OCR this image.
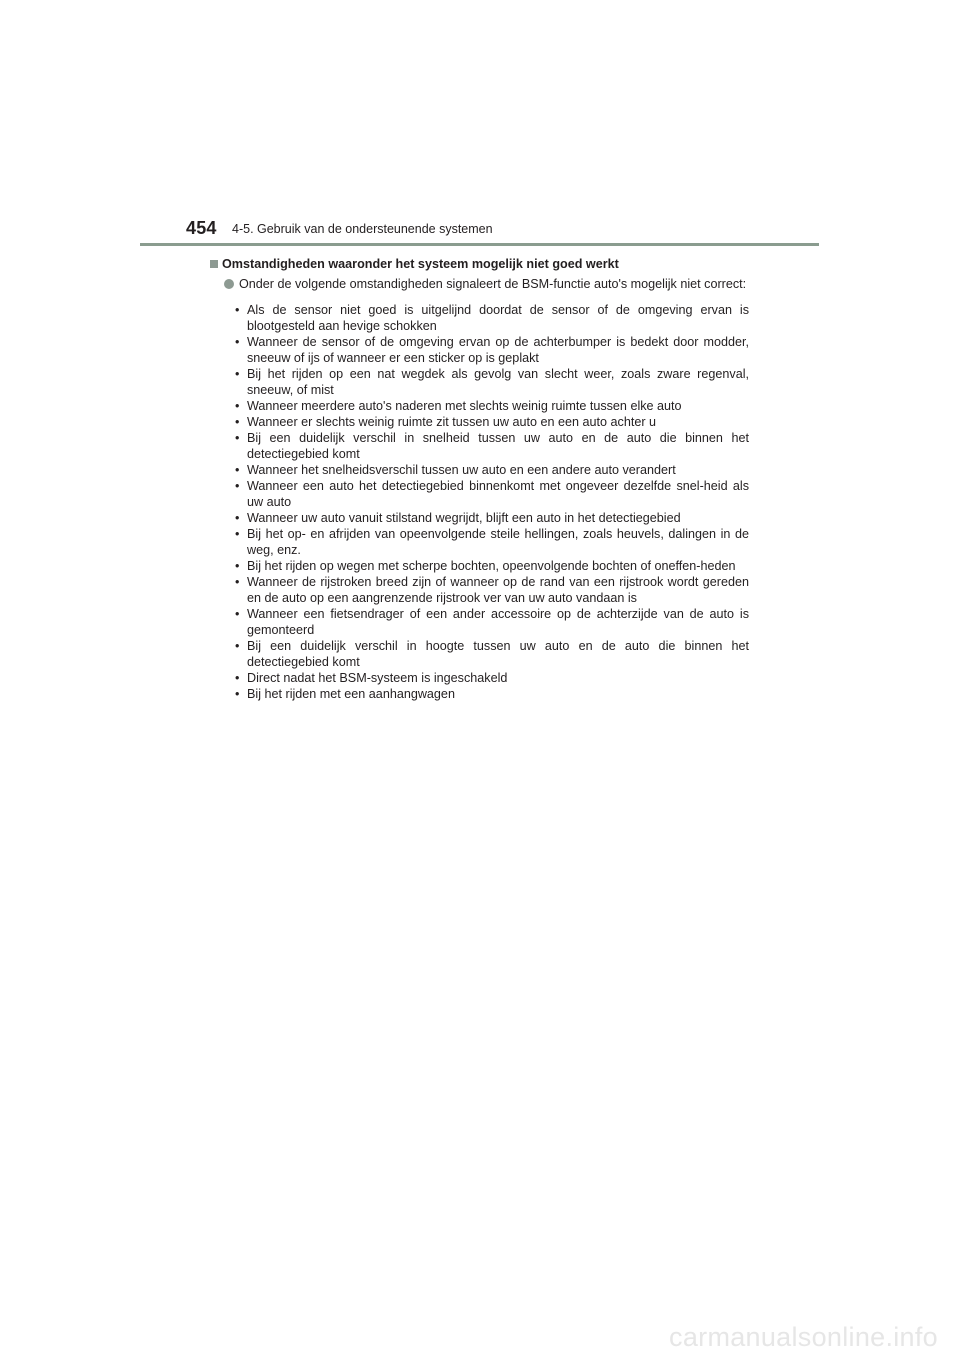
454 4-5. Gebruik van de ondersteunende systemen
Omstandigheden waaronder het systeem mogelijk niet goed werkt
Onder de volgende omstandigheden signaleert de BSM-functie auto's mogelijk niet correct:
• Als de sensor niet goed is uitgelijnd doordat de sensor of de omgeving ervan is blootgesteld aan hevige schokken
• Wanneer de sensor of de omgeving ervan op de achterbumper is bedekt door modder, sneeuw of ijs of wanneer er een sticker op is geplakt
• Bij het rijden op een nat wegdek als gevolg van slecht weer, zoals zware regenval, sneeuw, of mist
• Wanneer meerdere auto's naderen met slechts weinig ruimte tussen elke auto
• Wanneer er slechts weinig ruimte zit tussen uw auto en een auto achter u
• Bij een duidelijk verschil in snelheid tussen uw auto en de auto die binnen het detectiegebied komt
• Wanneer het snelheidsverschil tussen uw auto en een andere auto verandert
• Wanneer een auto het detectiegebied binnenkomt met ongeveer dezelfde snel-heid als uw auto
• Wanneer uw auto vanuit stilstand wegrijdt, blijft een auto in het detectiegebied
• Bij het op- en afrijden van opeenvolgende steile hellingen, zoals heuvels, dalingen in de weg, enz.
• Bij het rijden op wegen met scherpe bochten, opeenvolgende bochten of oneffen-heden
• Wanneer de rijstroken breed zijn of wanneer op de rand van een rijstrook wordt gereden en de auto op een aangrenzende rijstrook ver van uw auto vandaan is
• Wanneer een fietsendrager of een ander accessoire op de achterzijde van de auto is gemonteerd
• Bij een duidelijk verschil in hoogte tussen uw auto en de auto die binnen het detectiegebied komt
• Direct nadat het BSM-systeem is ingeschakeld
• Bij het rijden met een aanhangwagen
carmanualsonline.info
